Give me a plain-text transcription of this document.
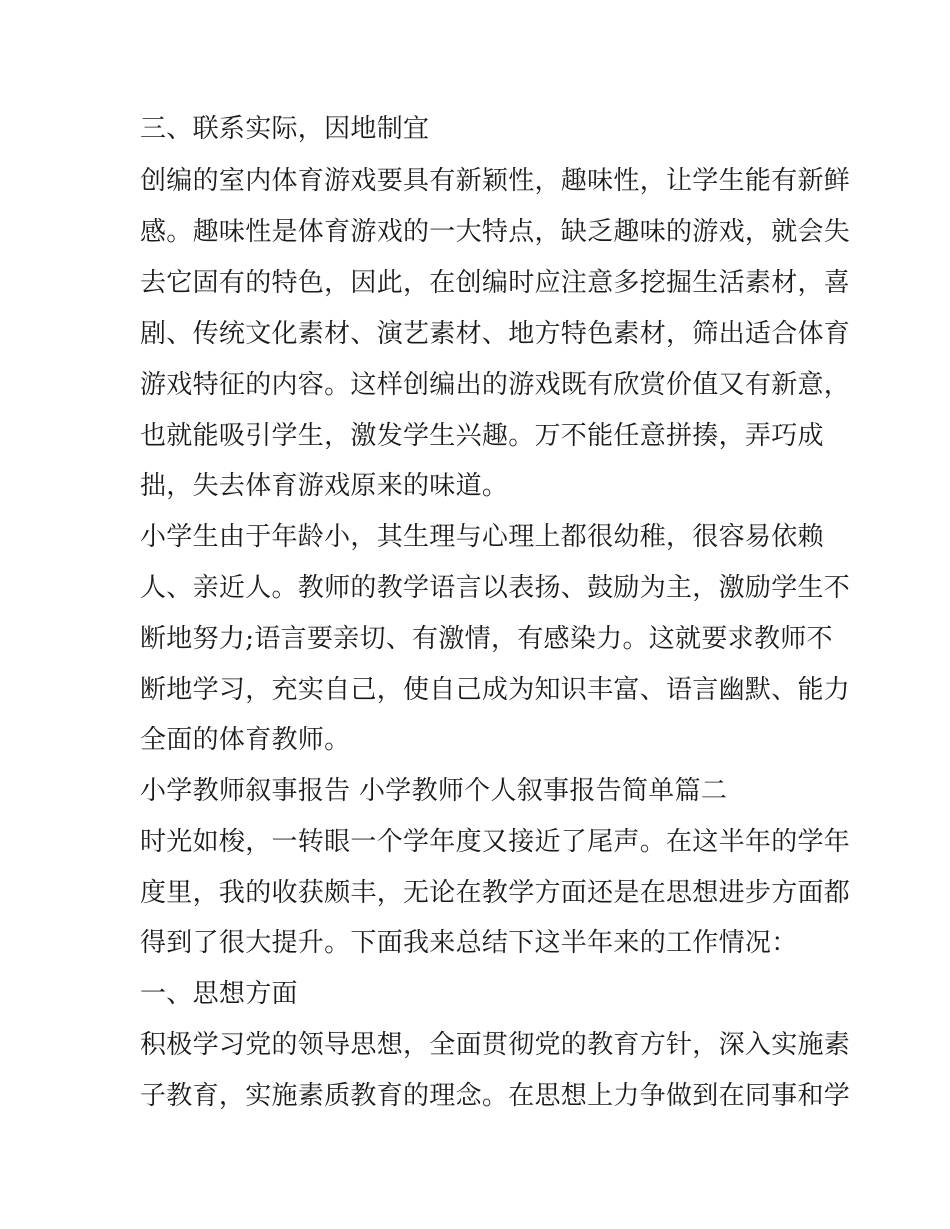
三、联系实际，因地制宜
创编的室内体育游戏要具有新颖性，趣味性，让学生能有新鲜
感。趣味性是体育游戏的一大特点，缺乏趣味的游戏，就会失
去它固有的特色，因此，在创编时应注意多挖掘生活素材，喜
剧、传统文化素材、演艺素材、地方特色素材，筛出适合体育
游戏特征的内容。这样创编出的游戏既有欣赏价值又有新意，
也就能吸引学生，激发学生兴趣。万不能任意拼揍，弄巧成
拙，失去体育游戏原来的味道。
小学生由于年龄小，其生理与心理上都很幼稚，很容易依赖
人、亲近人。教师的教学语言以表扬、鼓励为主，激励学生不
断地努力;语言要亲切、有激情，有感染力。这就要求教师不
断地学习，充实自己，使自己成为知识丰富、语言幽默、能力
全面的体育教师。
小学教师叙事报告 小学教师个人叙事报告简单篇二
时光如梭，一转眼一个学年度又接近了尾声。在这半年的学年
度里，我的收获颇丰，无论在教学方面还是在思想进步方面都
得到了很大提升。下面我来总结下这半年来的工作情况：
一、思想方面
积极学习党的领导思想，全面贯彻党的教育方针，深入实施素
子教育，实施素质教育的理念。在思想上力争做到在同事和学
